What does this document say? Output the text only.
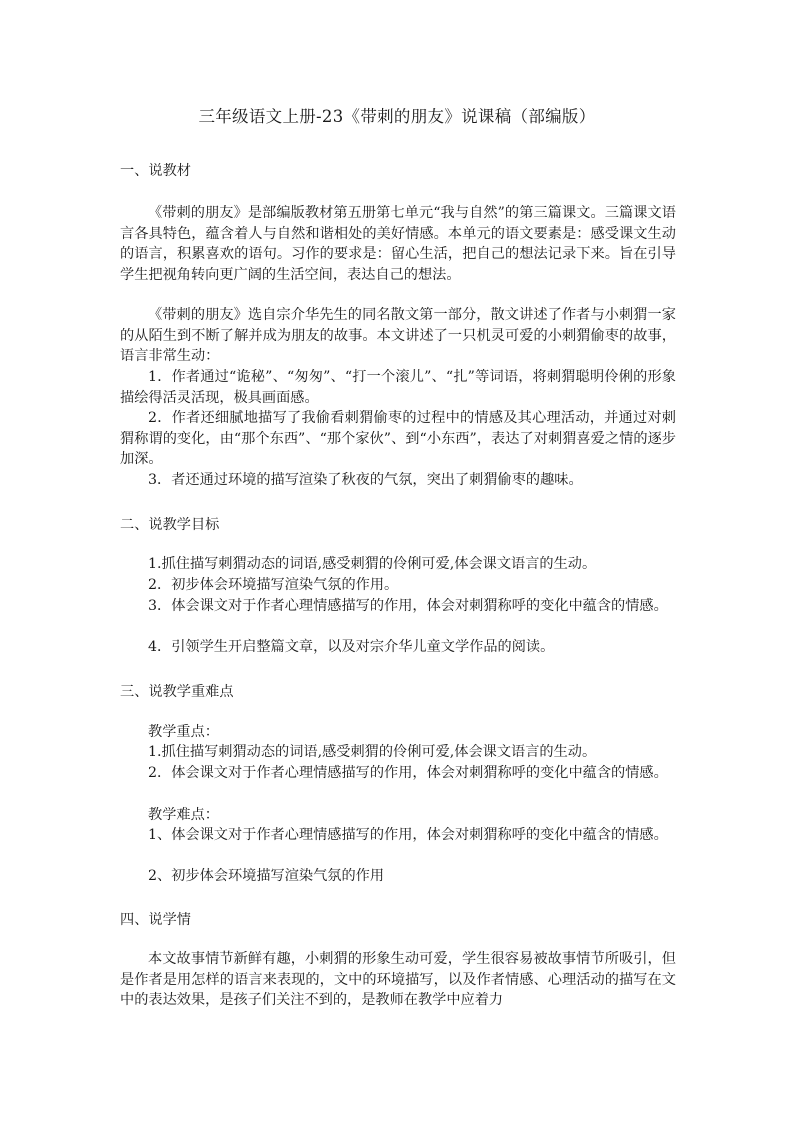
三年级语文上册-23《带刺的朋友》说课稿（部编版）
一、说教材
《带刺的朋友》是部编版教材第五册第七单元“我与自然”的第三篇课文。三篇课文语言各具特色，蕴含着人与自然和谐相处的美好情感。本单元的语文要素是：感受课文生动的语言，积累喜欢的语句。习作的要求是：留心生活，把自己的想法记录下来。旨在引导学生把视角转向更广阔的生活空间，表达自己的想法。
《带刺的朋友》选自宗介华先生的同名散文第一部分，散文讲述了作者与小刺猬一家的从陌生到不断了解并成为朋友的故事。本文讲述了一只机灵可爱的小刺猬偷枣的故事，语言非常生动：
1．作者通过“诡秘”、“匆匆”、“打一个滚儿”、“扎”等词语，将刺猬聪明伶俐的形象描绘得活灵活现，极具画面感。
2．作者还细腻地描写了我偷看刺猬偷枣的过程中的情感及其心理活动，并通过对刺猬称谓的变化，由“那个东西”、“那个家伙”、到“小东西”，表达了对刺猬喜爱之情的逐步加深。
3．者还通过环境的描写渲染了秋夜的气氛，突出了刺猬偷枣的趣味。
二、说教学目标
1.抓住描写刺猬动态的词语,感受刺猬的伶俐可爱,体会课文语言的生动。
2．初步体会环境描写渲染气氛的作用。
3．体会课文对于作者心理情感描写的作用，体会对刺猬称呼的变化中蕴含的情感。
4．引领学生开启整篇文章，以及对宗介华儿童文学作品的阅读。
三、说教学重难点
教学重点：
1.抓住描写刺猬动态的词语,感受刺猬的伶俐可爱,体会课文语言的生动。
2．体会课文对于作者心理情感描写的作用，体会对刺猬称呼的变化中蕴含的情感。
教学难点：
1、体会课文对于作者心理情感描写的作用，体会对刺猬称呼的变化中蕴含的情感。
2、初步体会环境描写渲染气氛的作用
四、说学情
本文故事情节新鲜有趣，小刺猬的形象生动可爱，学生很容易被故事情节所吸引，但是作者是用怎样的语言来表现的，文中的环境描写，以及作者情感、心理活动的描写在文中的表达效果，是孩子们关注不到的，是教师在教学中应着力
